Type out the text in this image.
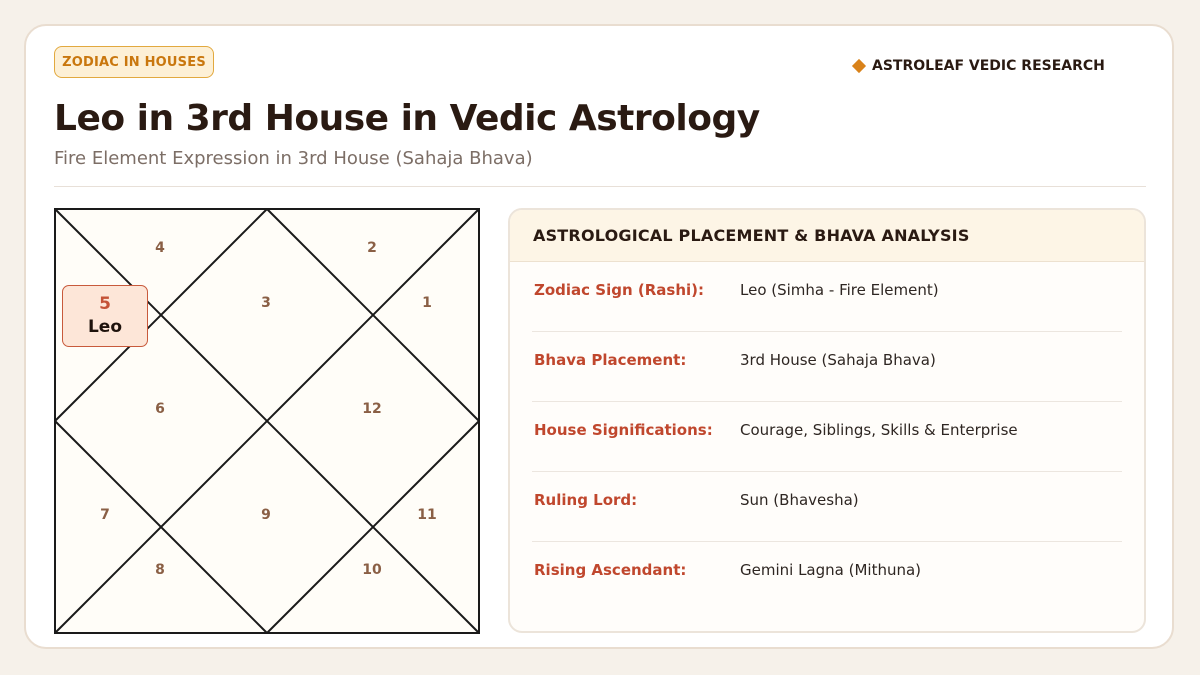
ZODIAC IN HOUSES	ASTROLEAF VEDIC RESEARCH
Leo in 3rd House in Vedic Astrology
Fire Element Expression in 3rd House (Sahaja Bhava)
4	2
3	1
6	12
7	9	11
8	10
5
Leo
ASTROLOGICAL PLACEMENT & BHAVA ANALYSIS
Zodiac Sign (Rashi): Leo (Simha - Fire Element)
Bhava Placement:	3rd House (Sahaja Bhava)
House Significations: Courage, Siblings, Skills & Enterprise
Ruling Lord:	Sun (Bhavesha)
Rising Ascendant:	Gemini Lagna (Mithuna)
